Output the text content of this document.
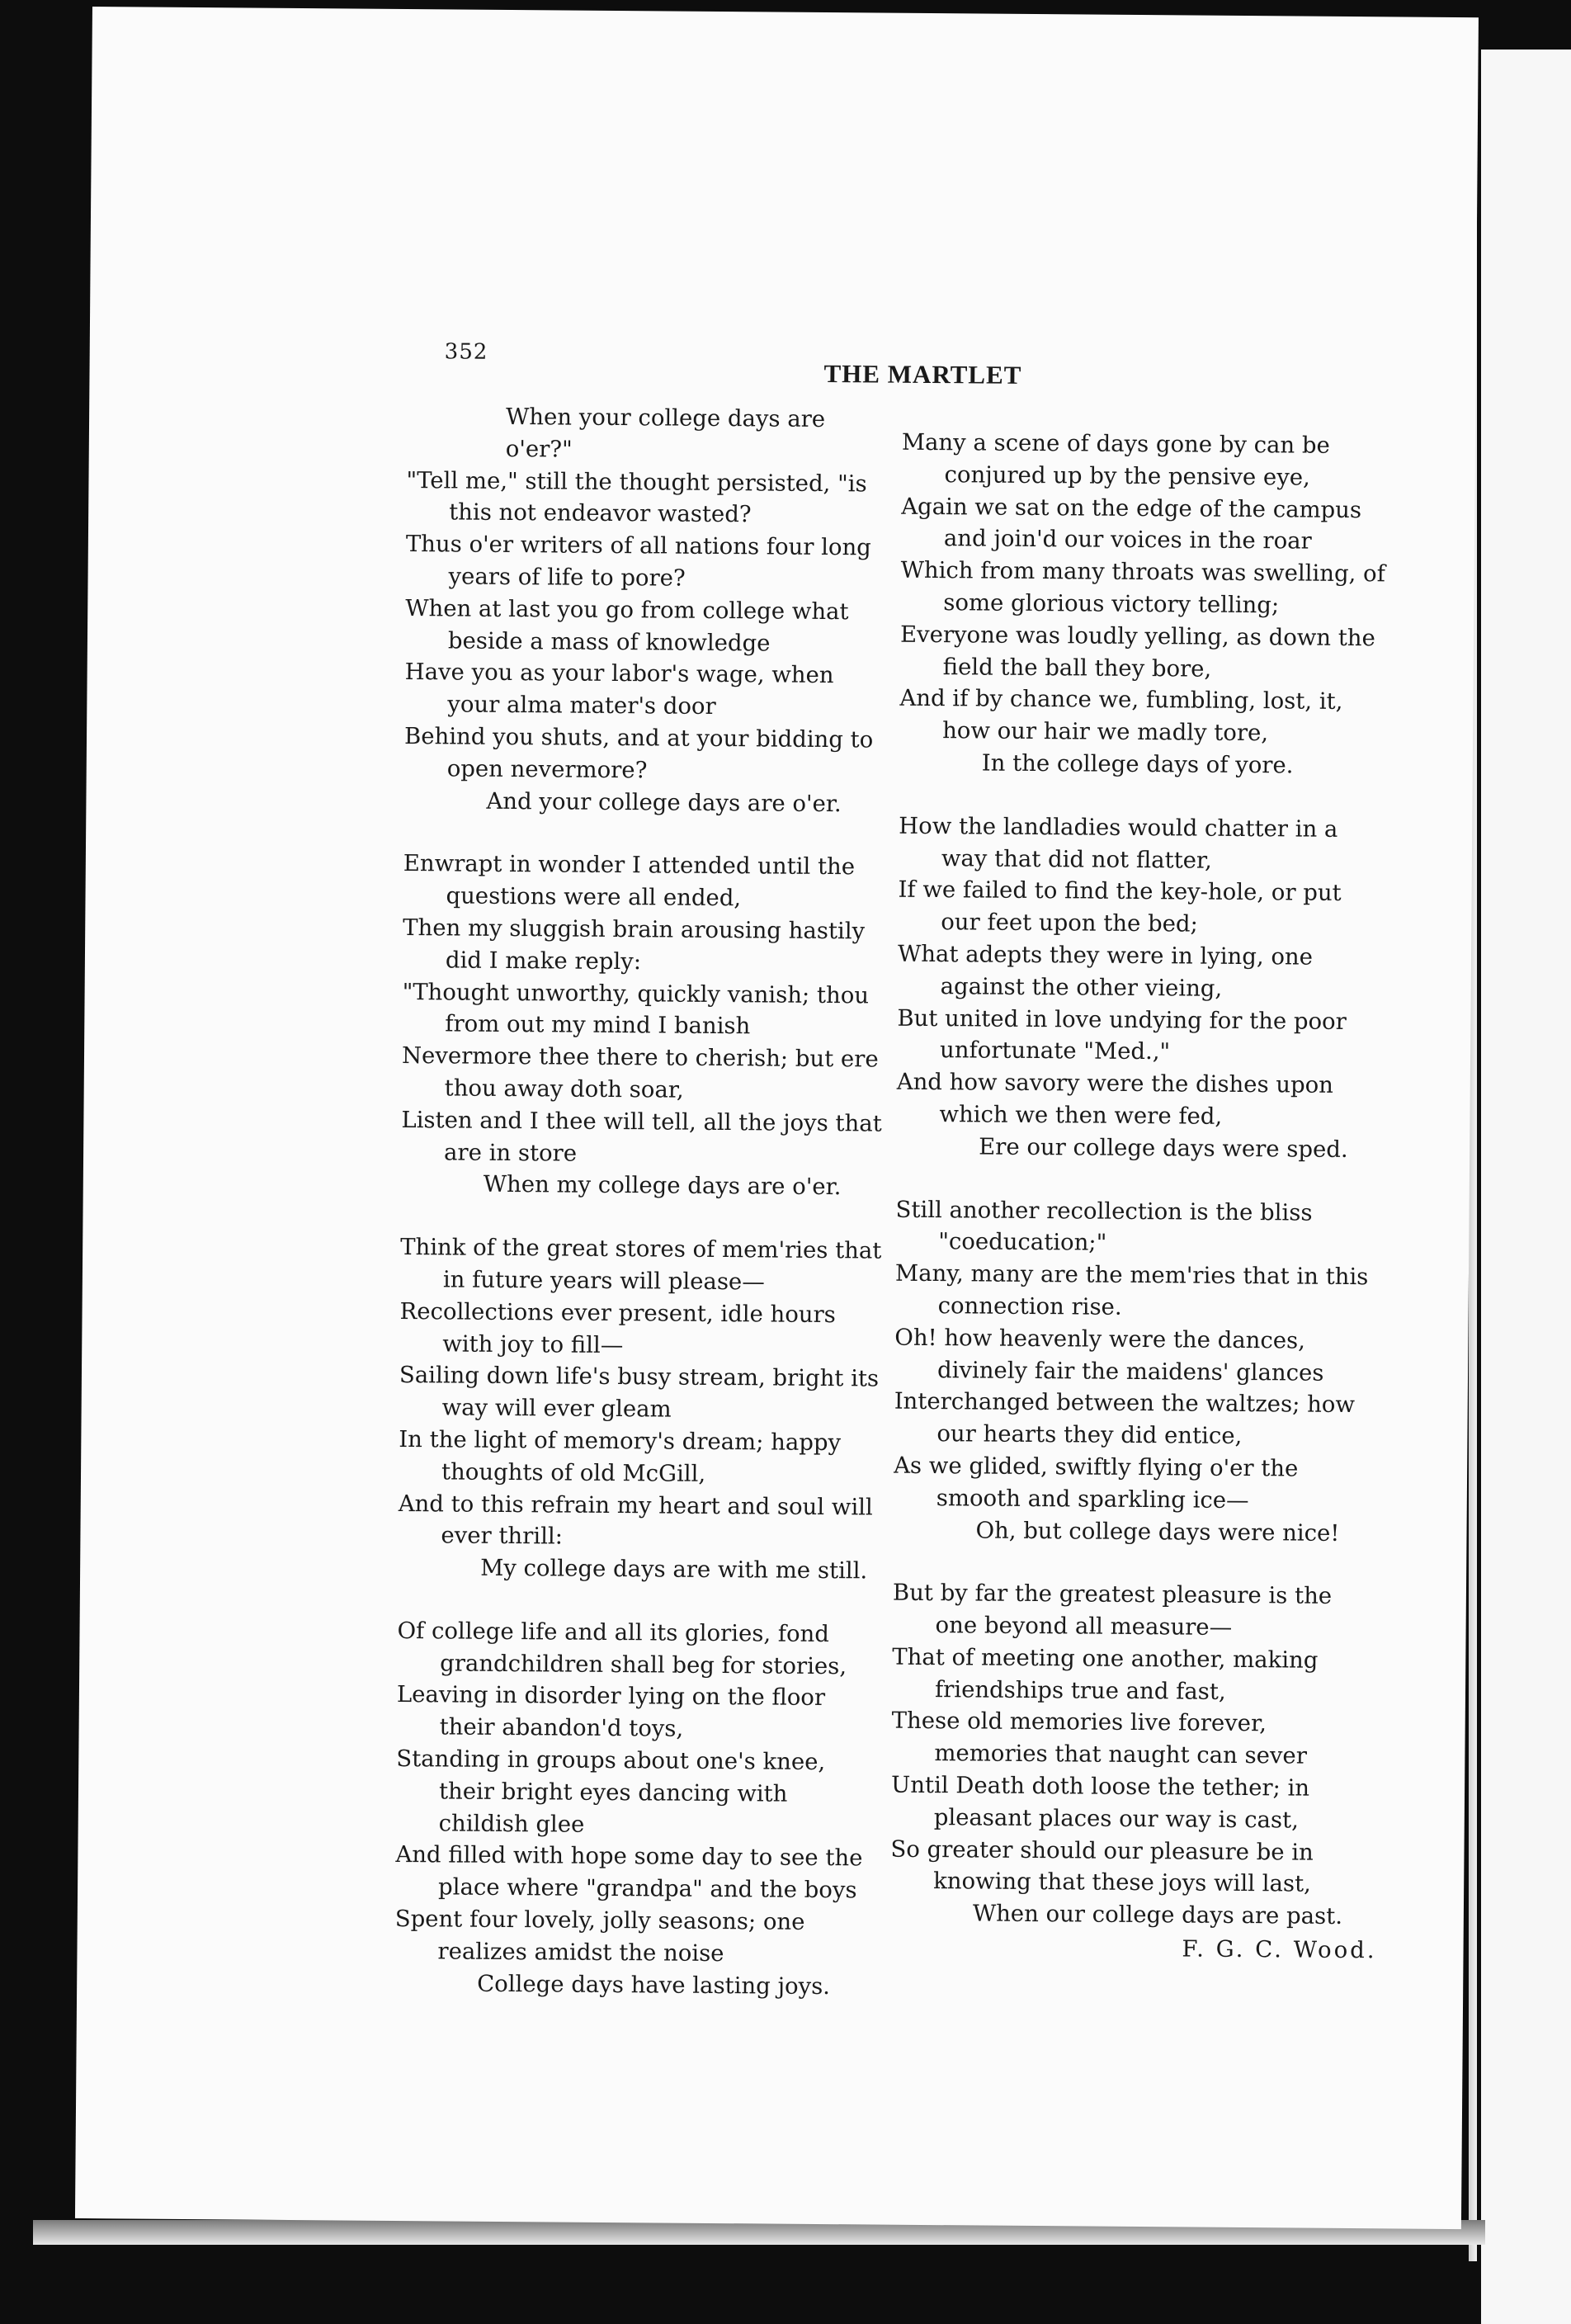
352
THE MARTLET
When your college days are o'er?"
"Tell me," still the thought persisted, "is this not endeavor wasted?
Thus o'er writers of all nations four long years of life to pore?
When at last you go from college what beside a mass of knowledge
Have you as your labor's wage, when your alma mater's door
Behind you shuts, and at your bidding to open nevermore?
And your college days are o'er.
Enwrapt in wonder I attended until the questions were all ended,
Then my sluggish brain arousing hastily did I make reply:
"Thought unworthy, quickly vanish; thou from out my mind I banish
Nevermore thee there to cherish; but ere thou away doth soar,
Listen and I thee will tell, all the joys that are in store
When my college days are o'er.
Think of the great stores of mem'ries that in future years will please—
Recollections ever present, idle hours with joy to fill—
Sailing down life's busy stream, bright its way will ever gleam
In the light of memory's dream; happy thoughts of old McGill,
And to this refrain my heart and soul will ever thrill:
My college days are with me still.
Of college life and all its glories, fond grandchildren shall beg for stories,
Leaving in disorder lying on the floor their abandon'd toys,
Standing in groups about one's knee, their bright eyes dancing with childish glee
And filled with hope some day to see the place where "grandpa" and the boys
Spent four lovely, jolly seasons; one realizes amidst the noise
College days have lasting joys.
Many a scene of days gone by can be conjured up by the pensive eye,
Again we sat on the edge of the campus and join'd our voices in the roar
Which from many throats was swelling, of some glorious victory telling;
Everyone was loudly yelling, as down the field the ball they bore,
And if by chance we, fumbling, lost, it, how our hair we madly tore,
In the college days of yore.
How the landladies would chatter in a way that did not flatter,
If we failed to find the key-hole, or put our feet upon the bed;
What adepts they were in lying, one against the other vieing,
But united in love undying for the poor unfortunate "Med.,"
And how savory were the dishes upon which we then were fed,
Ere our college days were sped.
Still another recollection is the bliss "coeducation;"
Many, many are the mem'ries that in this connection rise.
Oh! how heavenly were the dances, divinely fair the maidens' glances
Interchanged between the waltzes; how our hearts they did entice,
As we glided, swiftly flying o'er the smooth and sparkling ice—
Oh, but college days were nice!
But by far the greatest pleasure is the one beyond all measure—
That of meeting one another, making friendships true and fast,
These old memories live forever, memories that naught can sever
Until Death doth loose the tether; in pleasant places our way is cast,
So greater should our pleasure be in knowing that these joys will last,
When our college days are past.
F. G. C. Wood.
